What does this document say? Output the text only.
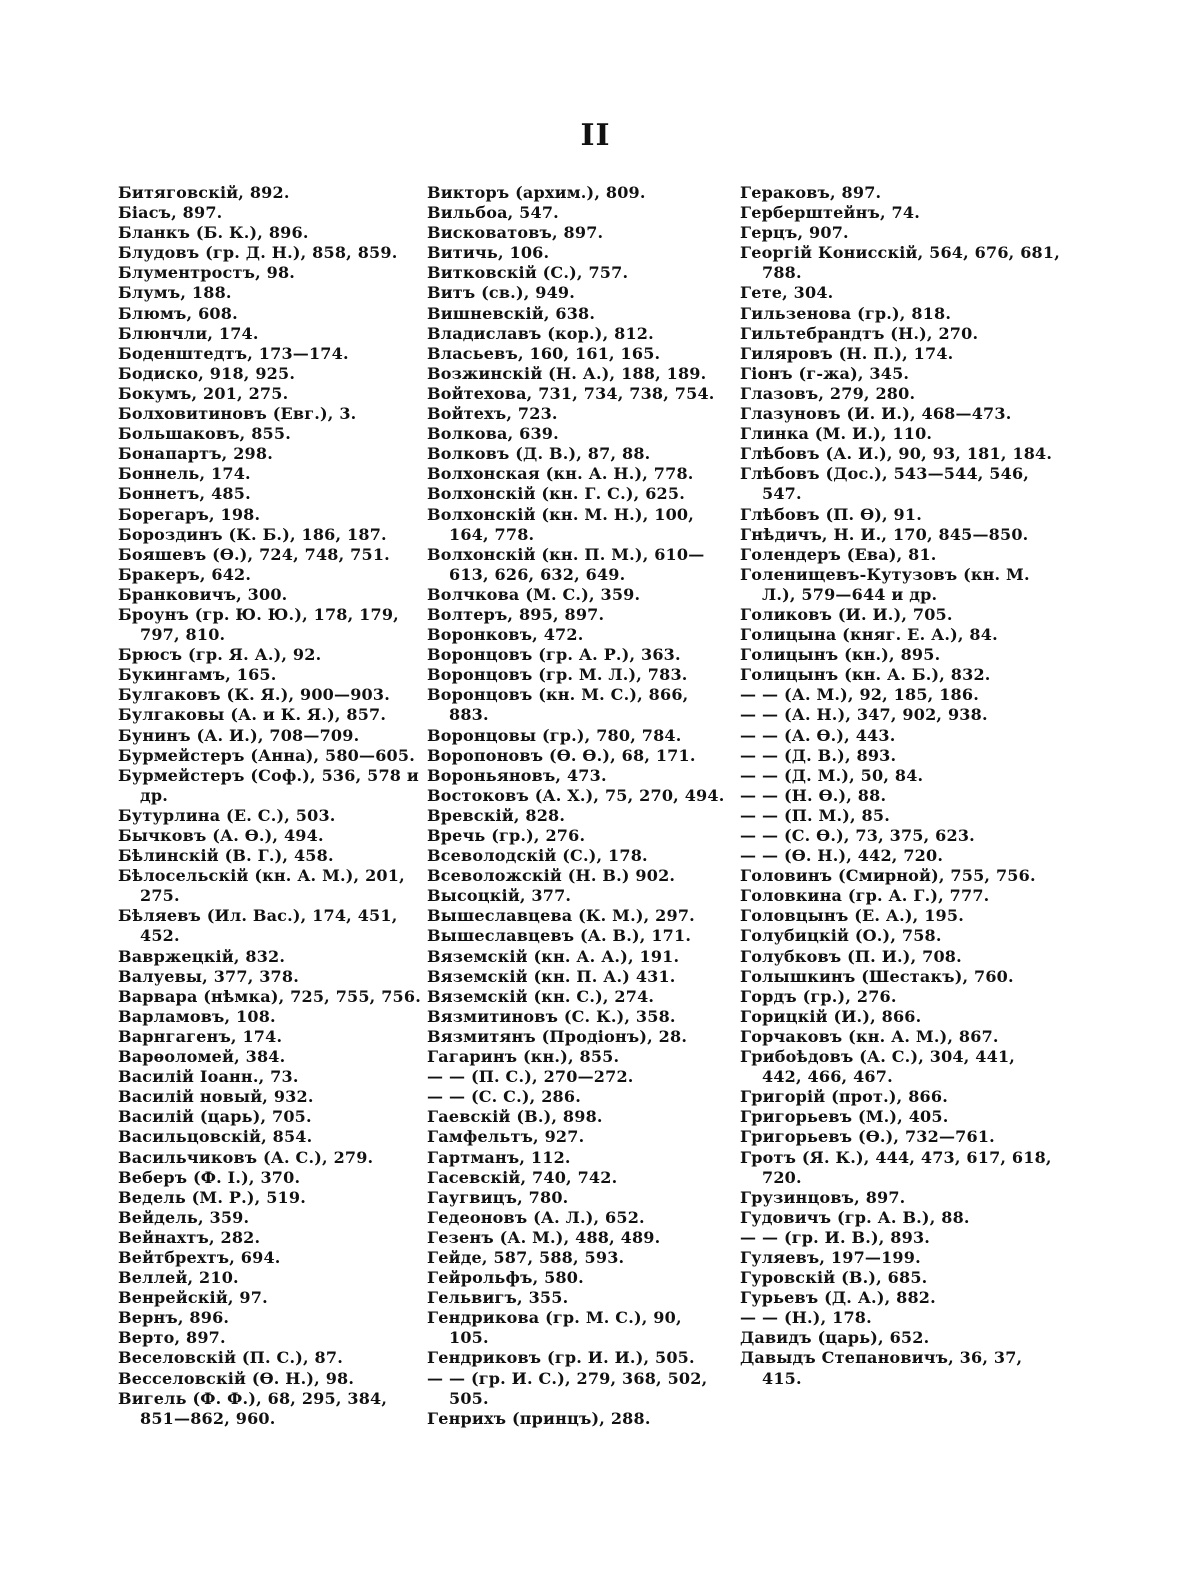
II
Битяговскій, 892.
Біасъ, 897.
Бланкъ (Б. К.), 896.
Блудовъ (гр. Д. Н.), 858, 859.
Блументростъ, 98.
Блумъ, 188.
Блюмъ, 608.
Блюнчли, 174.
Боденштедтъ, 173—174.
Бодиско, 918, 925.
Бокумъ, 201, 275.
Болховитиновъ (Евг.), 3.
Большаковъ, 855.
Бонапартъ, 298.
Боннель, 174.
Боннетъ, 485.
Борегаръ, 198.
Бороздинъ (К. Б.), 186, 187.
Бояшевъ (Ѳ.), 724, 748, 751.
Бракеръ, 642.
Бранковичъ, 300.
Броунъ (гр. Ю. Ю.), 178, 179, 797, 810.
Брюсъ (гр. Я. А.), 92.
Букингамъ, 165.
Булгаковъ (К. Я.), 900—903.
Булгаковы (А. и К. Я.), 857.
Бунинъ (А. И.), 708—709.
Бурмейстеръ (Анна), 580—605.
Бурмейстеръ (Соф.), 536, 578 и др.
Бутурлина (Е. С.), 503.
Бычковъ (А. Ѳ.), 494.
Бѣлинскій (В. Г.), 458.
Бѣлосельскій (кн. А. М.), 201, 275.
Бѣляевъ (Ил. Вас.), 174, 451, 452.
Вавржецкій, 832.
Валуевы, 377, 378.
Варвара (нѣмка), 725, 755, 756.
Варламовъ, 108.
Варнгагенъ, 174.
Варѳоломей, 384.
Василій Іоанн., 73.
Василій новый, 932.
Василій (царь), 705.
Васильцовскій, 854.
Васильчиковъ (А. С.), 279.
Веберъ (Ф. І.), 370.
Ведель (М. Р.), 519.
Вейдель, 359.
Вейнахтъ, 282.
Вейтбрехтъ, 694.
Веллей, 210.
Венрейскій, 97.
Вернъ, 896.
Верто, 897.
Веселовскій (П. С.), 87.
Весселовскій (Ѳ. Н.), 98.
Вигель (Ф. Ф.), 68, 295, 384, 851—862, 960.
Викторъ (архим.), 809.
Вильбоа, 547.
Висковатовъ, 897.
Витичь, 106.
Витковскій (С.), 757.
Витъ (св.), 949.
Вишневскій, 638.
Владиславъ (кор.), 812.
Власьевъ, 160, 161, 165.
Возжинскій (Н. А.), 188, 189.
Войтехова, 731, 734, 738, 754.
Войтехъ, 723.
Волкова, 639.
Волковъ (Д. В.), 87, 88.
Волхонская (кн. А. Н.), 778.
Волхонскій (кн. Г. С.), 625.
Волхонскій (кн. М. Н.), 100, 164, 778.
Волхонскій (кн. П. М.), 610—613, 626, 632, 649.
Волчкова (М. С.), 359.
Волтеръ, 895, 897.
Воронковъ, 472.
Воронцовъ (гр. А. Р.), 363.
Воронцовъ (гр. М. Л.), 783.
Воронцовъ (кн. М. С.), 866, 883.
Воронцовы (гр.), 780, 784.
Воропоновъ (Ѳ. Ѳ.), 68, 171.
Вороньяновъ, 473.
Востоковъ (А. Х.), 75, 270, 494.
Вревскій, 828.
Вречь (гр.), 276.
Всеволодскій (С.), 178.
Всеволожскій (Н. В.) 902.
Высоцкій, 377.
Вышеславцева (К. М.), 297.
Вышеславцевъ (А. В.), 171.
Вяземскій (кн. А. А.), 191.
Вяземскій (кн. П. А.) 431.
Вяземскій (кн. С.), 274.
Вязмитиновъ (С. К.), 358.
Вязмитянъ (Продіонъ), 28.
Гагаринъ (кн.), 855.
— — (П. С.), 270—272.
— — (С. С.), 286.
Гаевскій (В.), 898.
Гамфельтъ, 927.
Гартманъ, 112.
Гасевскій, 740, 742.
Гаугвицъ, 780.
Гедеоновъ (А. Л.), 652.
Гезенъ (А. М.), 488, 489.
Гейде, 587, 588, 593.
Гейрольфъ, 580.
Гельвигъ, 355.
Гендрикова (гр. М. С.), 90, 105.
Гендриковъ (гр. И. И.), 505.
— — (гр. И. С.), 279, 368, 502, 505.
Генрихъ (принцъ), 288.
Гераковъ, 897.
Герберштейнъ, 74.
Герцъ, 907.
Георгій Конисскій, 564, 676, 681, 788.
Гете, 304.
Гильзенова (гр.), 818.
Гильтебрандтъ (Н.), 270.
Гиляровъ (Н. П.), 174.
Гіонъ (г-жа), 345.
Глазовъ, 279, 280.
Глазуновъ (И. И.), 468—473.
Глинка (М. И.), 110.
Глѣбовъ (А. И.), 90, 93, 181, 184.
Глѣбовъ (Дос.), 543—544, 546, 547.
Глѣбовъ (П. Ѳ), 91.
Гнѣдичъ, Н. И., 170, 845—850.
Голендеръ (Ева), 81.
Голенищевъ-Кутузовъ (кн. М. Л.), 579—644 и др.
Голиковъ (И. И.), 705.
Голицына (княг. Е. А.), 84.
Голицынъ (кн.), 895.
Голицынъ (кн. А. Б.), 832.
— — (А. М.), 92, 185, 186.
— — (А. Н.), 347, 902, 938.
— — (А. Ѳ.), 443.
— — (Д. В.), 893.
— — (Д. М.), 50, 84.
— — (Н. Ѳ.), 88.
— — (П. М.), 85.
— — (С. Ѳ.), 73, 375, 623.
— — (Ѳ. Н.), 442, 720.
Головинъ (Смирной), 755, 756.
Головкина (гр. А. Г.), 777.
Головцынъ (Е. А.), 195.
Голубицкій (О.), 758.
Голубковъ (П. И.), 708.
Голышкинъ (Шестакъ), 760.
Гордъ (гр.), 276.
Горицкій (И.), 866.
Горчаковъ (кн. А. М.), 867.
Грибоѣдовъ (А. С.), 304, 441, 442, 466, 467.
Григорій (прот.), 866.
Григорьевъ (М.), 405.
Григорьевъ (Ѳ.), 732—761.
Гротъ (Я. К.), 444, 473, 617, 618, 720.
Грузинцовъ, 897.
Гудовичъ (гр. А. В.), 88.
— — (гр. И. В.), 893.
Гуляевъ, 197—199.
Гуровскій (В.), 685.
Гурьевъ (Д. А.), 882.
— — (Н.), 178.
Давидъ (царь), 652.
Давыдъ Степановичъ, 36, 37, 415.
